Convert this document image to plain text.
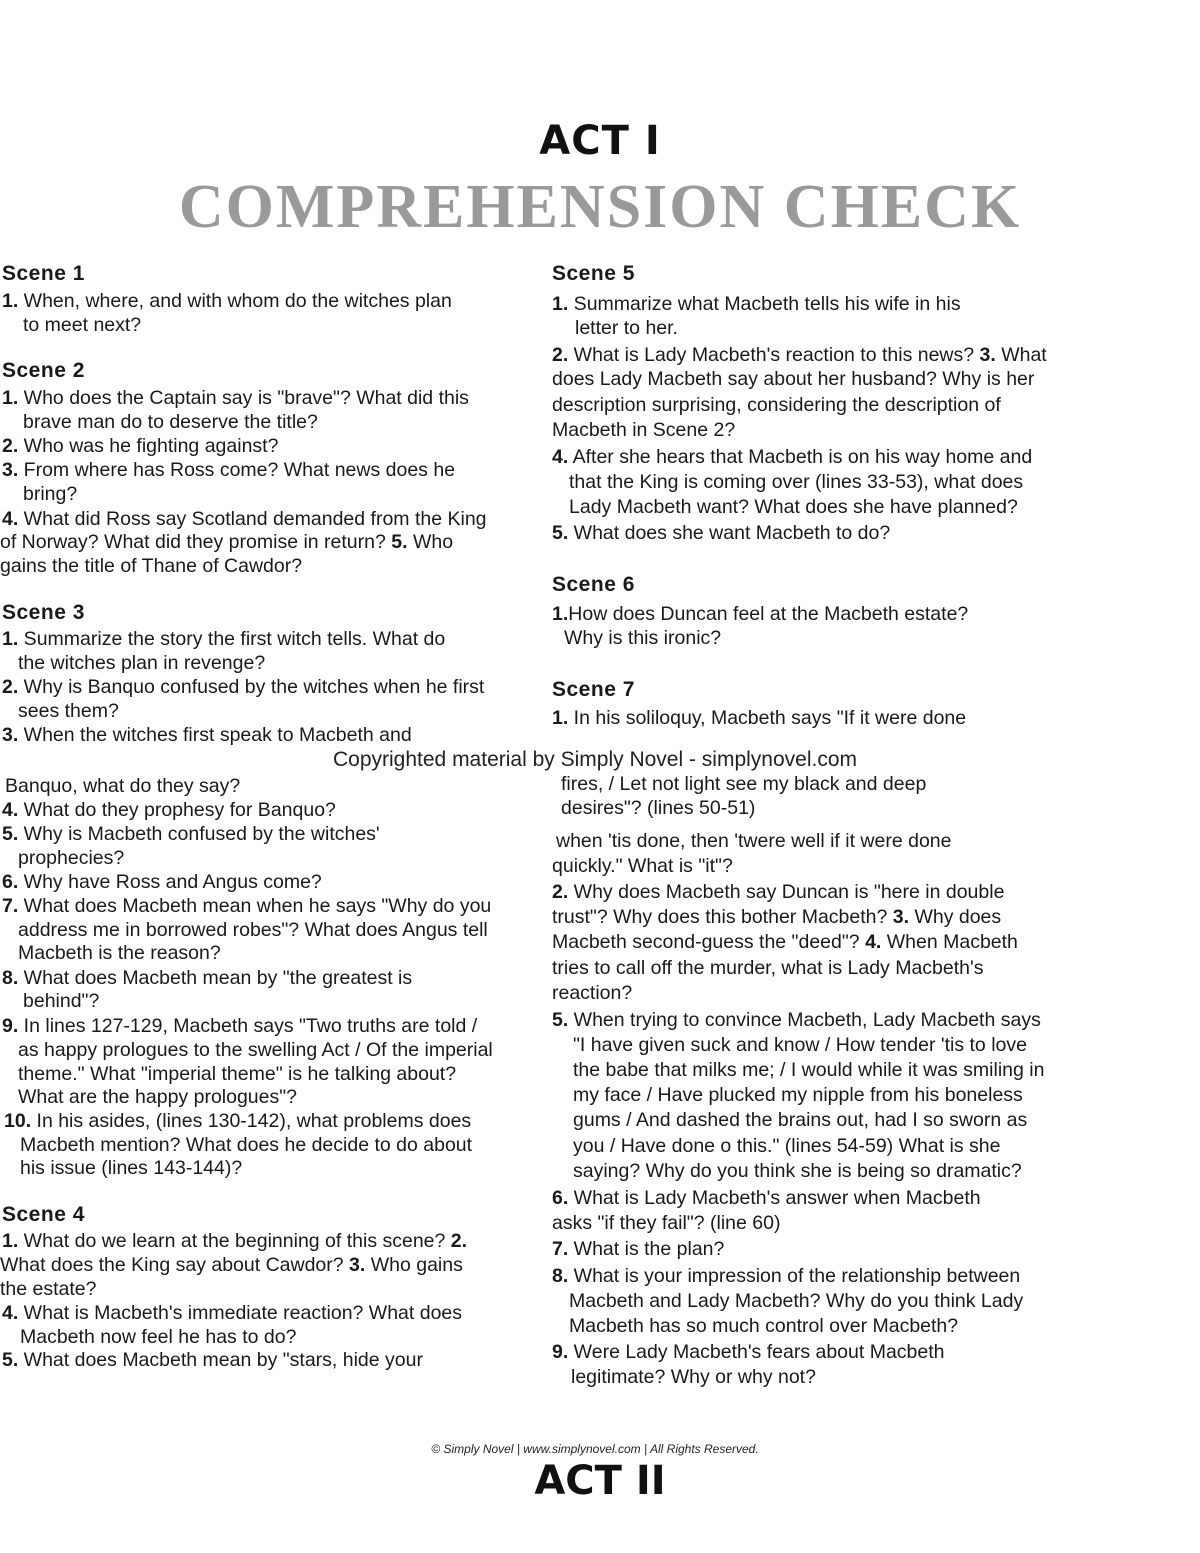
ACT I
COMPREHENSION CHECK
Scene 1

1. When, where, and with whom do the witches plan

to meet next?

Scene 2

1. Who does the Captain say is "brave"? What did this

brave man do to deserve the title?

2. Who was he fighting against?

3. From where has Ross come? What news does he

bring?

4. What did Ross say Scotland demanded from the King

of Norway? What did they promise in return? 5. Who

gains the title of Thane of Cawdor?

Scene 3

1. Summarize the story the first witch tells. What do

the witches plan in revenge?

2. Why is Banquo confused by the witches when he first

sees them?

3. When the witches first speak to Macbeth and

Banquo, what do they say?

4. What do they prophesy for Banquo?

5. Why is Macbeth confused by the witches'

prophecies?

6. Why have Ross and Angus come?

7. What does Macbeth mean when he says "Why do you

address me in borrowed robes"? What does Angus tell

Macbeth is the reason?

8. What does Macbeth mean by "the greatest is

behind"?

9. In lines 127-129, Macbeth says "Two truths are told /

as happy prologues to the swelling Act / Of the imperial

theme." What "imperial theme" is he talking about?

What are the happy prologues"?

10. In his asides, (lines 130-142), what problems does

Macbeth mention? What does he decide to do about

his issue (lines 143-144)?

Scene 4

1. What do we learn at the beginning of this scene? 2.

What does the King say about Cawdor? 3. Who gains

the estate?

4. What is Macbeth's immediate reaction? What does

Macbeth now feel he has to do?

5. What does Macbeth mean by "stars, hide your

Scene 5

1. Summarize what Macbeth tells his wife in his

letter to her.

2. What is Lady Macbeth's reaction to this news? 3. What

does Lady Macbeth say about her husband? Why is her

description surprising, considering the description of

Macbeth in Scene 2?

4. After she hears that Macbeth is on his way home and

that the King is coming over (lines 33-53), what does

Lady Macbeth want? What does she have planned?

5. What does she want Macbeth to do?

Scene 6

1.How does Duncan feel at the Macbeth estate?

Why is this ironic?

Scene 7

1. In his soliloquy, Macbeth says "If it were done

fires, / Let not light see my black and deep

desires"? (lines 50-51)

when 'tis done, then 'twere well if it were done

quickly." What is "it"?

2. Why does Macbeth say Duncan is "here in double

trust"? Why does this bother Macbeth? 3. Why does

Macbeth second-guess the "deed"? 4. When Macbeth

tries to call off the murder, what is Lady Macbeth's

reaction?

5. When trying to convince Macbeth, Lady Macbeth says

"I have given suck and know / How tender 'tis to love

the babe that milks me; / I would while it was smiling in

my face / Have plucked my nipple from his boneless

gums / And dashed the brains out, had I so sworn as

you / Have done o this." (lines 54-59) What is she

saying? Why do you think she is being so dramatic?

6. What is Lady Macbeth's answer when Macbeth

asks "if they fail"? (line 60)

7. What is the plan?

8. What is your impression of the relationship between

Macbeth and Lady Macbeth? Why do you think Lady

Macbeth has so much control over Macbeth?

9. Were Lady Macbeth's fears about Macbeth

legitimate? Why or why not?

Copyrighted material by Simply Novel - simplynovel.com
© Simply Novel | www.simplynovel.com | All Rights Reserved.
ACT II
